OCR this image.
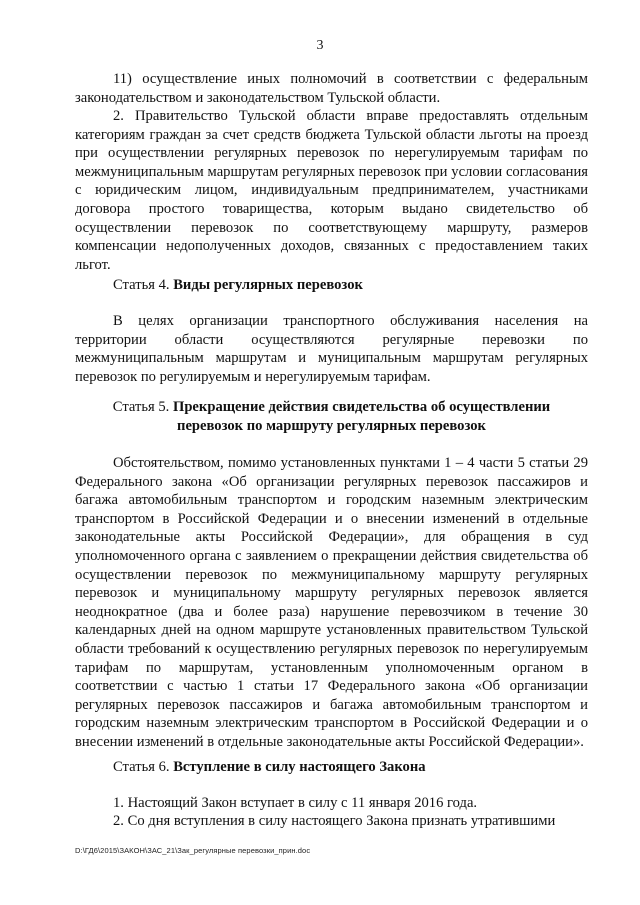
3

11) осуществление иных полномочий в соответствии с федеральным законодательством и законодательством Тульской области.

2. Правительство Тульской области вправе предоставлять отдельным категориям граждан за счет средств бюджета Тульской области льготы на проезд при осуществлении регулярных перевозок по нерегулируемым тарифам по межмуниципальным маршрутам регулярных перевозок при условии согласования с юридическим лицом, индивидуальным предпринимателем, участниками договора простого товарищества, которым выдано свидетельство об осуществлении перевозок по соответствующему маршруту, размеров компенсации недополученных доходов, связанных с предоставлением таких льгот.

Статья 4. Виды регулярных перевозок

В целях организации транспортного обслуживания населения на территории области осуществляются регулярные перевозки по межмуниципальным маршрутам и муниципальным маршрутам регулярных перевозок по регулируемым и нерегулируемым тарифам.

Статья 5. Прекращение действия свидетельства об осуществлении перевозок по маршруту регулярных перевозок

Обстоятельством, помимо установленных пунктами 1 – 4 части 5 статьи 29 Федерального закона «Об организации регулярных перевозок пассажиров и багажа автомобильным транспортом и городским наземным электрическим транспортом в Российской Федерации и о внесении изменений в отдельные законодательные акты Российской Федерации», для обращения в суд уполномоченного органа с заявлением о прекращении действия свидетельства об осуществлении перевозок по межмуниципальному маршруту регулярных перевозок и муниципальному маршруту регулярных перевозок является неоднократное (два и более раза) нарушение перевозчиком в течение 30 календарных дней на одном маршруте установленных правительством Тульской области требований к осуществлению регулярных перевозок по нерегулируемым тарифам по маршрутам, установленным уполномоченным органом в соответствии с частью 1 статьи 17 Федерального закона «Об организации регулярных перевозок пассажиров и багажа автомобильным транспортом и городским наземным электрическим транспортом в Российской Федерации и о внесении изменений в отдельные законодательные акты Российской Федерации».

Статья 6. Вступление в силу настоящего Закона

1. Настоящий Закон вступает в силу с 11 января 2016 года.

2. Со дня вступления в силу настоящего Закона признать утратившими

D:\ГД6\2015\ЗАКОН\ЗАС_21\Зак_регулярные перевозки_прин.doc
